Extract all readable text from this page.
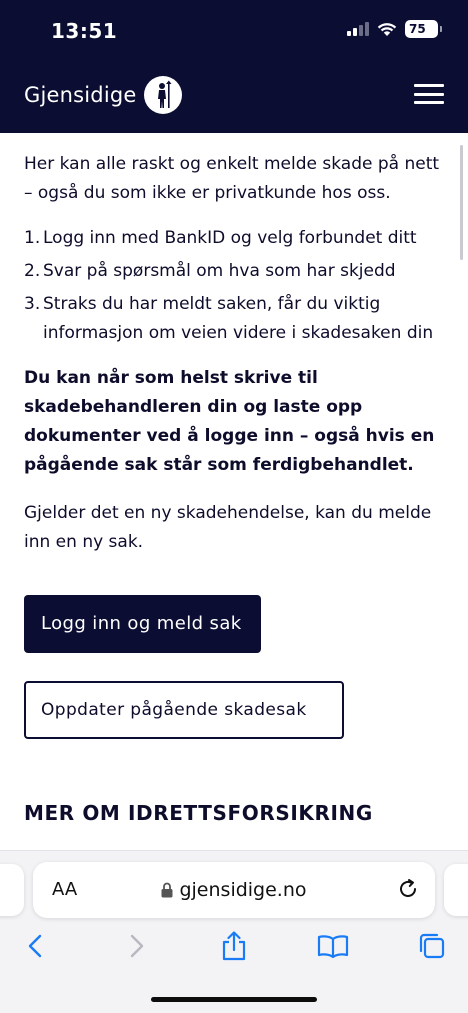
13:51	75
Gjensidige

Her kan alle raskt og enkelt melde skade på nett – også du som ikke er privatkunde hos oss.

1. Logg inn med BankID og velg forbundet ditt
2. Svar på spørsmål om hva som har skjedd
3. Straks du har meldt saken, får du viktig informasjon om veien videre i skadesaken din

Du kan når som helst skrive til skadebehandleren din og laste opp dokumenter ved å logge inn – også hvis en pågående sak står som ferdigbehandlet.

Gjelder det en ny skadehendelse, kan du melde inn en ny sak.

Logg inn og meld sak
Oppdater pågående skadesak
MER OM IDRETTSFORSIKRING
AA	gjensidige.no
